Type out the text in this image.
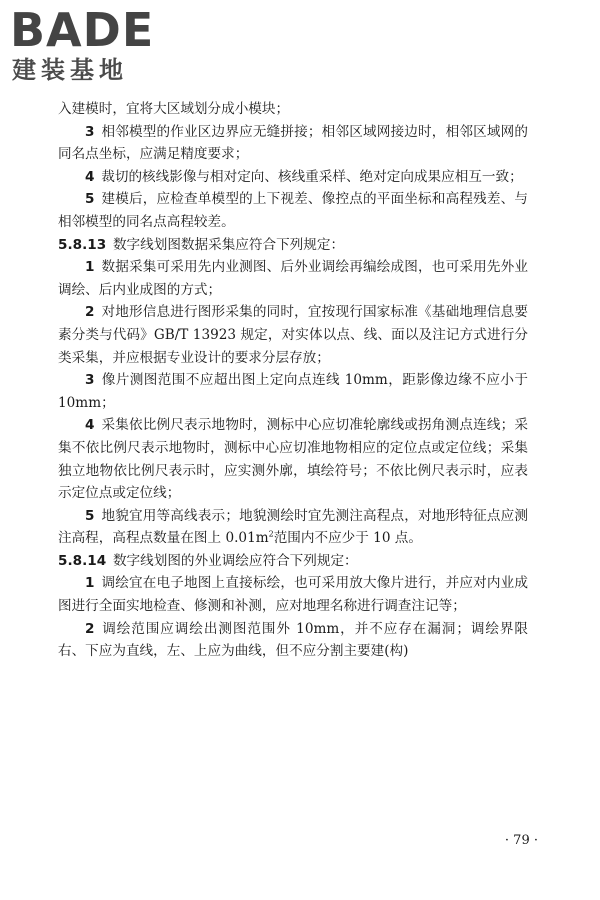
BADE
建装基地

入建模时，宜将大区域划分成小模块；

3  相邻模型的作业区边界应无缝拼接；相邻区域网接边时，相邻区域网的同名点坐标，应满足精度要求；

4  裁切的核线影像与相对定向、核线重采样、绝对定向成果应相互一致；

5  建模后，应检查单模型的上下视差、像控点的平面坐标和高程残差、与相邻模型的同名点高程较差。

5.8.13  数字线划图数据采集应符合下列规定：

1  数据采集可采用先内业测图、后外业调绘再编绘成图，也可采用先外业调绘、后内业成图的方式；

2  对地形信息进行图形采集的同时，宜按现行国家标准《基础地理信息要素分类与代码》GB/T 13923 规定，对实体以点、线、面以及注记方式进行分类采集，并应根据专业设计的要求分层存放；

3  像片测图范围不应超出图上定向点连线 10mm，距影像边缘不应小于 10mm；

4  采集依比例尺表示地物时，测标中心应切准轮廓线或拐角测点连线；采集不依比例尺表示地物时，测标中心应切准地物相应的定位点或定位线；采集独立地物依比例尺表示时，应实测外廓，填绘符号；不依比例尺表示时，应表示定位点或定位线；

5  地貌宜用等高线表示；地貌测绘时宜先测注高程点，对地形特征点应测注高程，高程点数量在图上 $0.01m^2$范围内不应少于 10 点。

5.8.14  数字线划图的外业调绘应符合下列规定：

1  调绘宜在电子地图上直接标绘，也可采用放大像片进行，并应对内业成图进行全面实地检查、修测和补测，应对地理名称进行调查注记等；

2  调绘范围应调绘出测图范围外 10mm，并不应存在漏洞；调绘界限右、下应为直线，左、上应为曲线，但不应分割主要建(构)

· 79 ·
